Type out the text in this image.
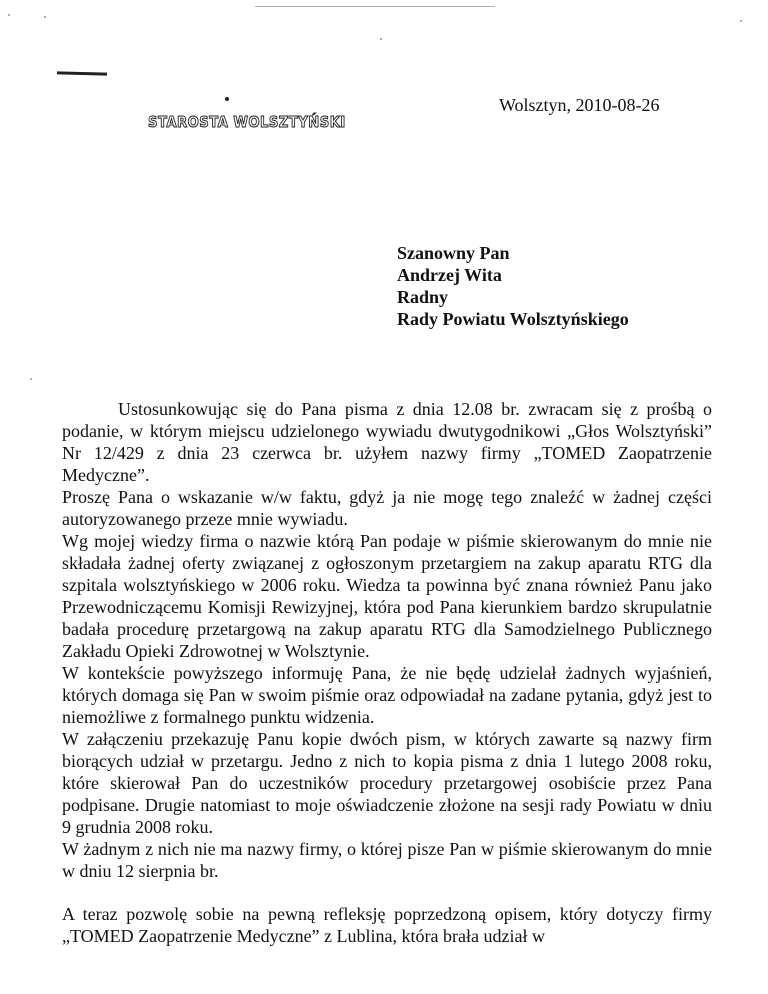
STAROSTA WOLSZTYŃSKI
Wolsztyn, 2010-08-26
Szanowny Pan
Andrzej Wita
Radny
Rady Powiatu Wolsztyńskiego

Ustosunkowując się do Pana pisma z dnia 12.08 br. zwracam się z prośbą o podanie, w którym miejscu udzielonego wywiadu dwutygodnikowi „Głos Wolsztyński” Nr 12/429 z dnia 23 czerwca br. użyłem nazwy firmy „TOMED Zaopatrzenie Medyczne”.

Proszę Pana o wskazanie w/w faktu, gdyż ja nie mogę tego znaleźć w żadnej części autoryzowanego przeze mnie wywiadu.

Wg mojej wiedzy firma o nazwie którą Pan podaje w piśmie skierowanym do mnie nie składała żadnej oferty związanej z ogłoszonym przetargiem na zakup aparatu RTG dla szpitala wolsztyńskiego w 2006 roku. Wiedza ta powinna być znana również Panu jako Przewodniczącemu Komisji Rewizyjnej, która pod Pana kierunkiem bardzo skrupulatnie badała procedurę przetargową na zakup aparatu RTG dla Samodzielnego Publicznego Zakładu Opieki Zdrowotnej w Wolsztynie.

W kontekście powyższego informuję Pana, że nie będę udzielał żadnych wyjaśnień, których domaga się Pan w swoim piśmie oraz odpowiadał na zadane pytania, gdyż jest to niemożliwe z formalnego punktu widzenia.

W załączeniu przekazuję Panu kopie dwóch pism, w których zawarte są nazwy firm biorących udział w przetargu. Jedno z nich to kopia pisma z dnia 1 lutego 2008 roku, które skierował Pan do uczestników procedury przetargowej osobiście przez Pana podpisane. Drugie natomiast to moje oświadczenie złożone na sesji rady Powiatu w dniu 9 grudnia 2008 roku.

W żadnym z nich nie ma nazwy firmy, o której pisze Pan w piśmie skierowanym do mnie w dniu 12 sierpnia br.

A teraz pozwolę sobie na pewną refleksję poprzedzoną opisem, który dotyczy firmy „TOMED Zaopatrzenie Medyczne” z Lublina, która brała udział w
